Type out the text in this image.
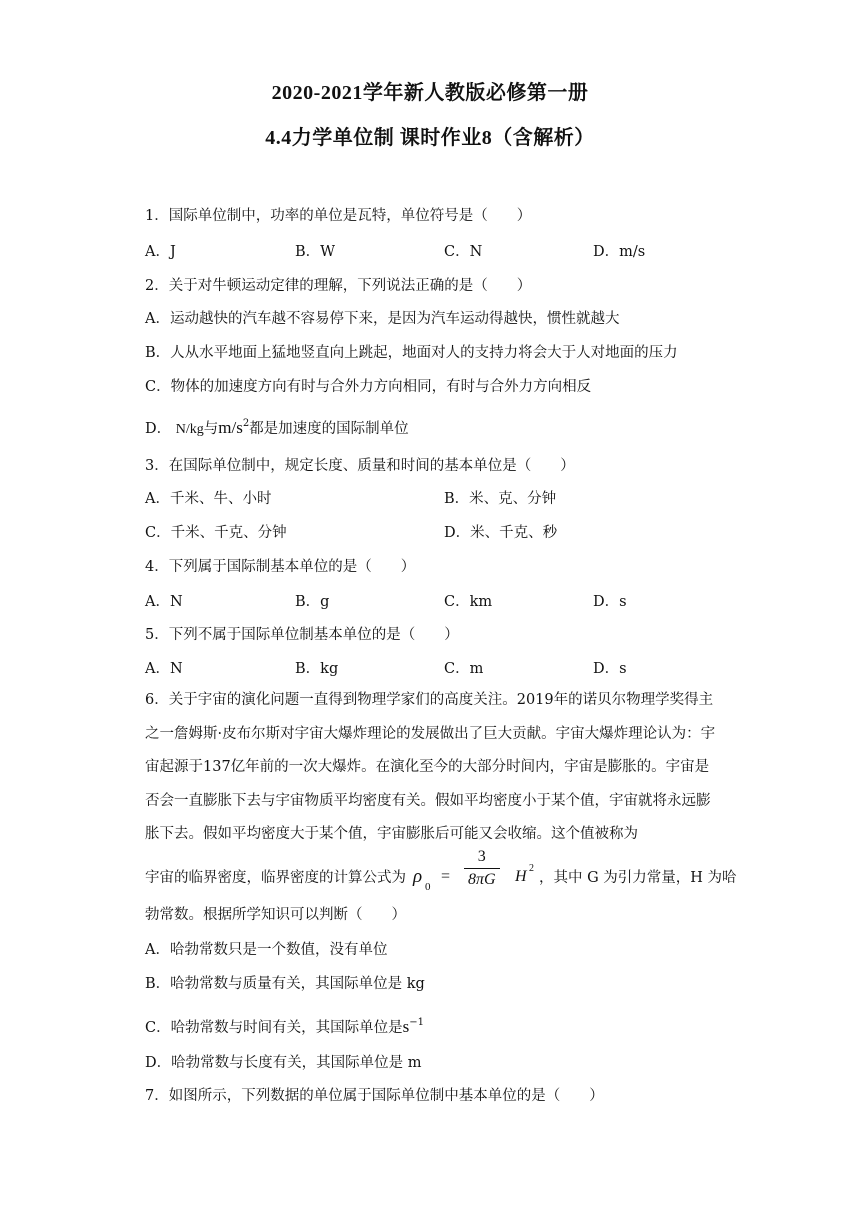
2020-2021学年新人教版必修第一册
4.4力学单位制 课时作业8（含解析）
1．国际单位制中，功率的单位是瓦特，单位符号是（　　）
A．J	B．W	C．N	D．m/s
2．关于对牛顿运动定律的理解，下列说法正确的是（　　）
A．运动越快的汽车越不容易停下来，是因为汽车运动得越快，惯性就越大
B．人从水平地面上猛地竖直向上跳起，地面对人的支持力将会大于人对地面的压力
C．物体的加速度方向有时与合外力方向相同，有时与合外力方向相反
D． N/kg与$m/s^2$都是加速度的国际制单位
3．在国际单位制中，规定长度、质量和时间的基本单位是（　　）
A．千米、牛、小时	B．米、克、分钟
C．千米、千克、分钟	D．米、千克、秒
4．下列属于国际制基本单位的是（　　）
A．N	B．g	C．km	D．s
5．下列不属于国际单位制基本单位的是（　　）
A．N	B．kg	C．m	D．s
6．关于宇宙的演化问题一直得到物理学家们的高度关注。2019年的诺贝尔物理学奖得主之一詹姆斯·皮布尔斯对宇宙大爆炸理论的发展做出了巨大贡献。宇宙大爆炸理论认为：宇宙起源于137亿年前的一次大爆炸。在演化至今的大部分时间内，宇宙是膨胀的。宇宙是否会一直膨胀下去与宇宙物质平均密度有关。假如平均密度小于某个值，宇宙就将永远膨胀下去。假如平均密度大于某个值，宇宙膨胀后可能又会收缩。这个值被称为
宇宙的临界密度，临界密度的计算公式为 ρ 0
= $\frac{3}{8\pi G}$ H 2
，其中 G 为引力常量，H 为哈
勃常数。根据所学知识可以判断（　　）
A．哈勃常数只是一个数值，没有单位
B．哈勃常数与质量有关，其国际单位是 kg
C．哈勃常数与时间有关，其国际单位是$s^{-1}$
D．哈勃常数与长度有关，其国际单位是 m
7．如图所示，下列数据的单位属于国际单位制中基本单位的是（　　）
